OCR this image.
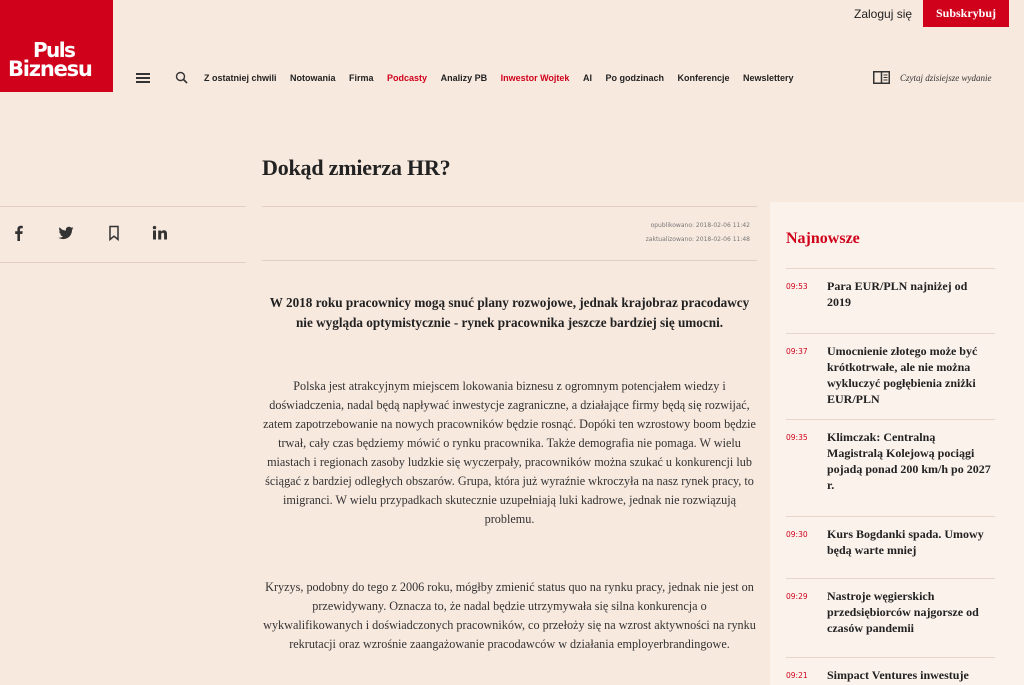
Puls
Biznesu
Zaloguj się	Subskrybuj
Z ostatniej chwili Notowania Firma Podcasty Analizy PB Inwestor Wojtek AI Po godzinach Konferencje Newslettery	Czytaj dzisiejsze wydanie
Dokąd zmierza HR?
opublikowano: 2018-02-06 11:42
zaktualizowano: 2018-02-06 11:48

W 2018 roku pracownicy mogą snuć plany rozwojowe, jednak krajobraz pracodawcy nie wygląda optymistycznie - rynek pracownika jeszcze bardziej się umocni.

Polska jest atrakcyjnym miejscem lokowania biznesu z ogromnym potencjałem wiedzy i doświadczenia, nadal będą napływać inwestycje zagraniczne, a działające firmy będą się rozwijać, zatem zapotrzebowanie na nowych pracowników będzie rosnąć. Dopóki ten wzrostowy boom będzie trwał, cały czas będziemy mówić o rynku pracownika. Także demografia nie pomaga. W wielu miastach i regionach zasoby ludzkie się wyczerpały, pracowników można szukać u konkurencji lub ściągać z bardziej odległych obszarów. Grupa, która już wyraźnie wkroczyła na nasz rynek pracy, to imigranci. W wielu przypadkach skutecznie uzupełniają luki kadrowe, jednak nie rozwiązują problemu.

Kryzys, podobny do tego z 2006 roku, mógłby zmienić status quo na rynku pracy, jednak nie jest on przewidywany. Oznacza to, że nadal będzie utrzymywała się silna konkurencja o wykwalifikowanych i doświadczonych pracowników, co przełoży się na wzrost aktywności na rynku rekrutacji oraz wzrośnie zaangażowanie pracodawców w działania employerbrandingowe.

Najnowsze
09:53 Para EUR/PLN najniżej od 2019
09:37 Umocnienie złotego może być krótkotrwałe, ale nie można wykluczyć pogłębienia zniżki EUR/PLN
09:35 Klimczak: Centralną Magistralą Kolejową pociągi pojadą ponad 200 km/h po 2027 r.
09:30 Kurs Bogdanki spada. Umowy będą warte mniej
09:29 Nastroje węgierskich przedsiębiorców najgorsze od czasów pandemii
09:21 Simpact Ventures inwestuje
